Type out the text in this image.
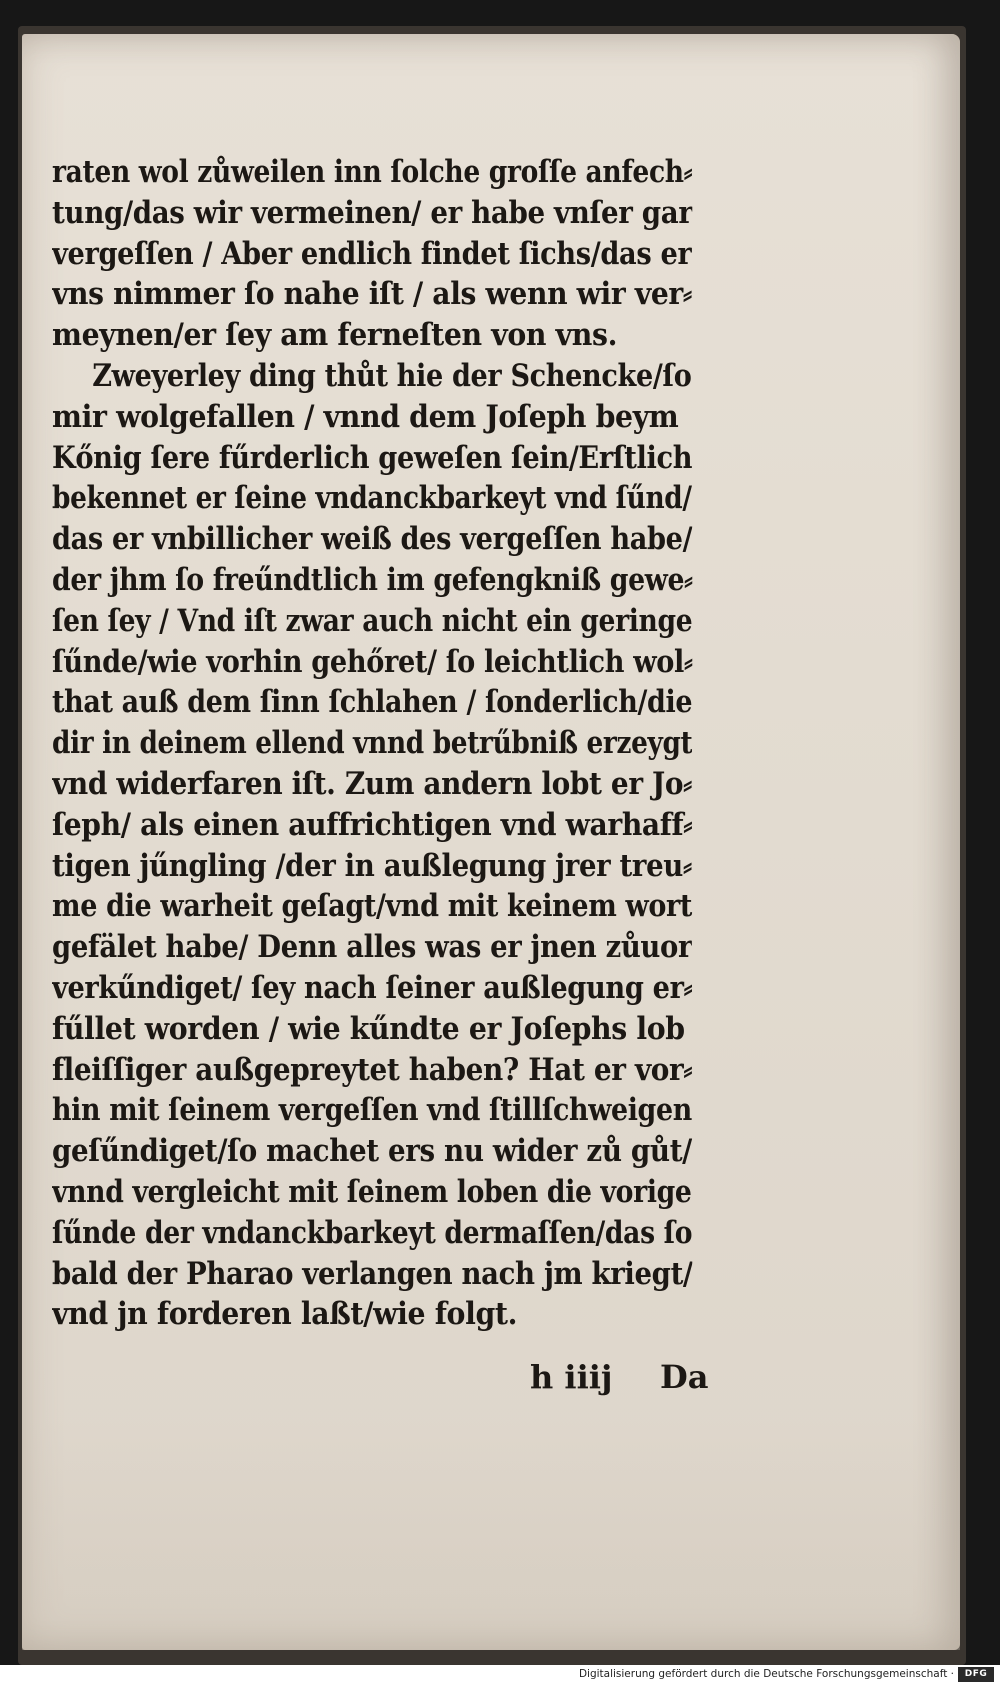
raten wol zůweilen inn ſolche groſſe anfech⸗
tung/das wir vermeinen/ er habe vnſer gar
vergeſſen / Aber endlich findet ſichs/das er
vns nimmer ſo nahe iſt / als wenn wir ver⸗
meynen/er ſey am ferneſten von vns.
Zweyerley ding thůt hie der Schencke/ſo
mir wolgefallen / vnnd dem Joſeph beym
Kőnig ſere fűrderlich geweſen ſein/Erſtlich
bekennet er ſeine vndanckbarkeyt vnd ſűnd/
das er vnbillicher weiß des vergeſſen habe/
der jhm ſo freűndtlich im gefengkniß gewe⸗
ſen ſey / Vnd iſt zwar auch nicht ein geringe
ſűnde/wie vorhin gehőret/ ſo leichtlich wol⸗
that auß dem ſinn ſchlahen / ſonderlich/die
dir in deinem ellend vnnd betrűbniß erzeygt
vnd widerfaren iſt. Zum andern lobt er Jo⸗
ſeph/ als einen auffrichtigen vnd warhaff⸗
tigen jűngling /der in außlegung jrer treu⸗
me die warheit geſagt/vnd mit keinem wort
gefälet habe/ Denn alles was er jnen zůuor
verkűndiget/ ſey nach ſeiner außlegung er⸗
fűllet worden / wie kűndte er Joſephs lob
fleiſſiger außgepreytet haben? Hat er vor⸗
hin mit ſeinem vergeſſen vnd ſtillſchweigen
geſűndiget/ſo machet ers nu wider zů gůt/
vnnd vergleicht mit ſeinem loben die vorige
ſűnde der vndanckbarkeyt dermaſſen/das ſo
bald der Pharao verlangen nach jm kriegt/
vnd jn forderen laßt/wie folgt.
h iiij Da
Digitalisierung gefördert durch die Deutsche Forschungsgemeinschaft ·	DFG
